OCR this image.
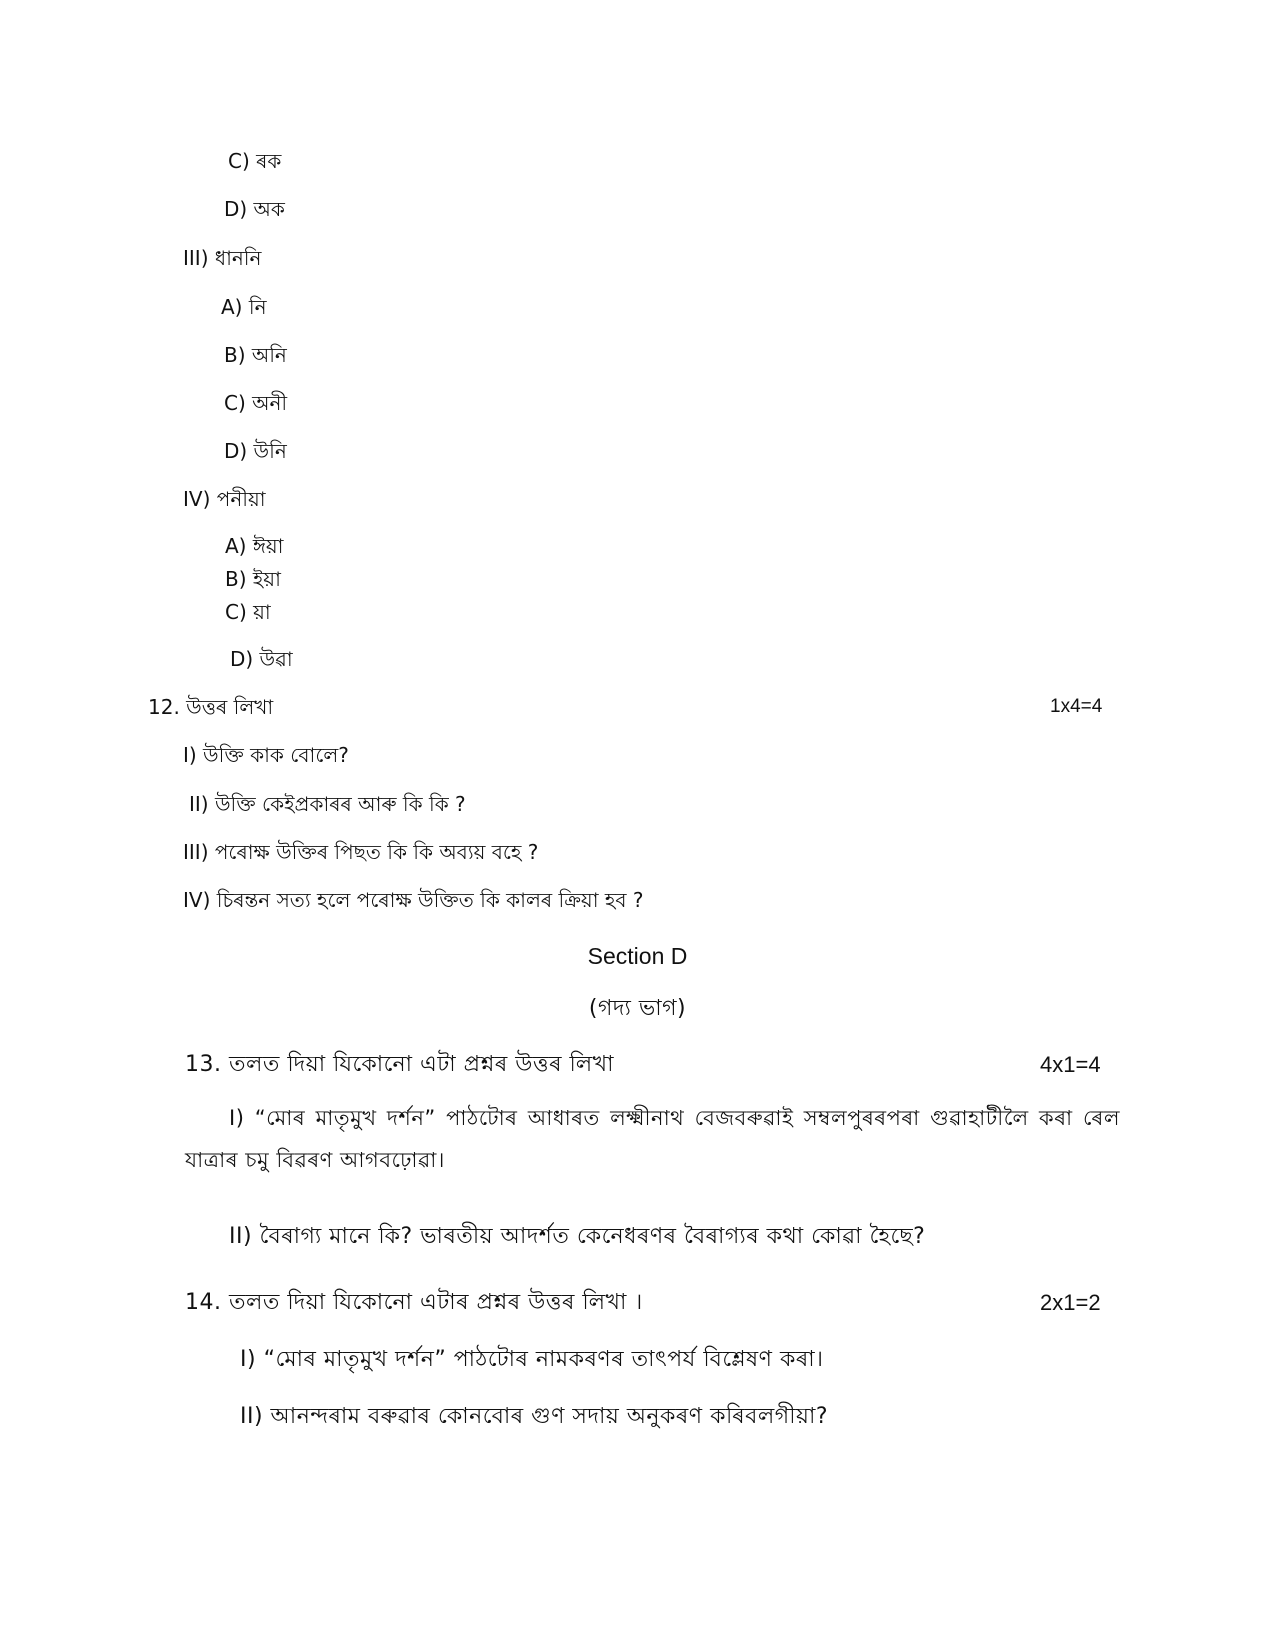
C) ৰক
D) অক
III) ধাননি
A) নি
B) অনি
C) অনী
D) উনি
IV) পনীয়া
A) ঈয়া
B) ইয়া
C) য়া
D) উৱা
12. উত্তৰ লিখা	1x4=4
I) উক্তি কাক বোলে?
II) উক্তি কেইপ্ৰকাৰৰ আৰু কি কি ?
III) পৰোক্ষ উক্তিৰ পিছত কি কি অব্যয় বহে ?
IV) চিৰন্তন সত্য হলে পৰোক্ষ উক্তিত কি কালৰ ক্ৰিয়া হব ?
Section D
(গদ্য ভাগ)
13. তলত দিয়া যিকোনো এটা প্ৰশ্নৰ উত্তৰ লিখা	4x1=4
I) “মোৰ মাতৃমুখ দৰ্শন” পাঠটোৰ আধাৰত লক্ষ্মীনাথ বেজবৰুৱাই সম্বলপুৰৰপৰা গুৱাহাটীলৈ কৰা ৰেল যাত্ৰাৰ চমু বিৱৰণ আগবঢ়োৱা।
II) বৈৰাগ্য মানে কি? ভাৰতীয় আদৰ্শত কেনেধৰণৰ বৈৰাগ্যৰ কথা কোৱা হৈছে?
14. তলত দিয়া যিকোনো এটাৰ প্ৰশ্নৰ উত্তৰ লিখা ।	2x1=2
I) “মোৰ মাতৃমুখ দৰ্শন” পাঠটোৰ নামকৰণৰ তাৎপৰ্য বিশ্লেষণ কৰা।
II) আনন্দৰাম বৰুৱাৰ কোনবোৰ গুণ সদায় অনুকৰণ কৰিবলগীয়া?
